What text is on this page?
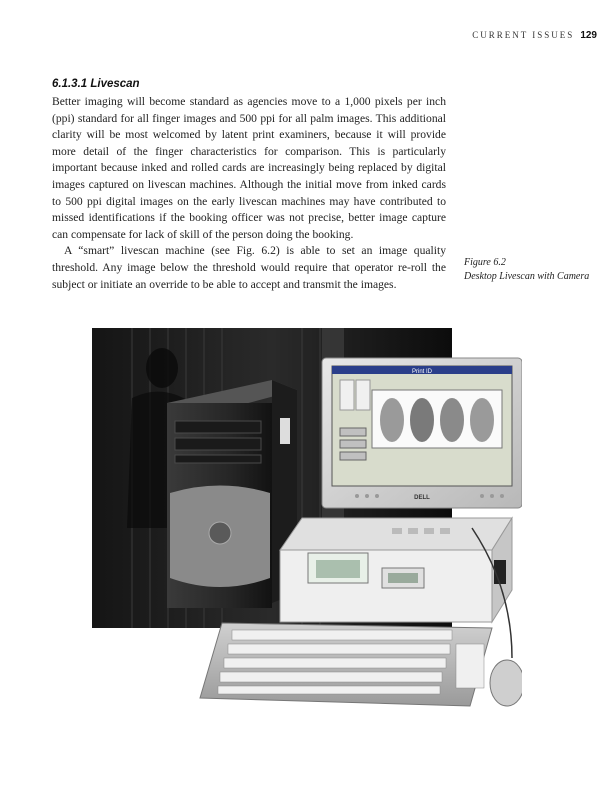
CURRENT ISSUES 129
6.1.3.1 Livescan

Better imaging will become standard as agencies move to a 1,000 pixels per inch (ppi) standard for all finger images and 500 ppi for all palm images. This additional clarity will be most welcomed by latent print examiners, because it will provide more detail of the finger characteristics for comparison. This is particularly important because inked and rolled cards are increasingly being replaced by digital images captured on livescan machines. Although the initial move from inked cards to 500 ppi digital images on the early livescan machines may have contributed to missed identifications if the booking officer was not precise, better image capture can compensate for lack of skill of the person doing the booking.

A “smart” livescan machine (see Fig. 6.2) is able to set an image quality threshold. Any image below the threshold would require that operator re-roll the subject or initiate an override to be able to accept and transmit the images.

Figure 6.2
Desktop Livescan with Camera
Print ID
DELL
